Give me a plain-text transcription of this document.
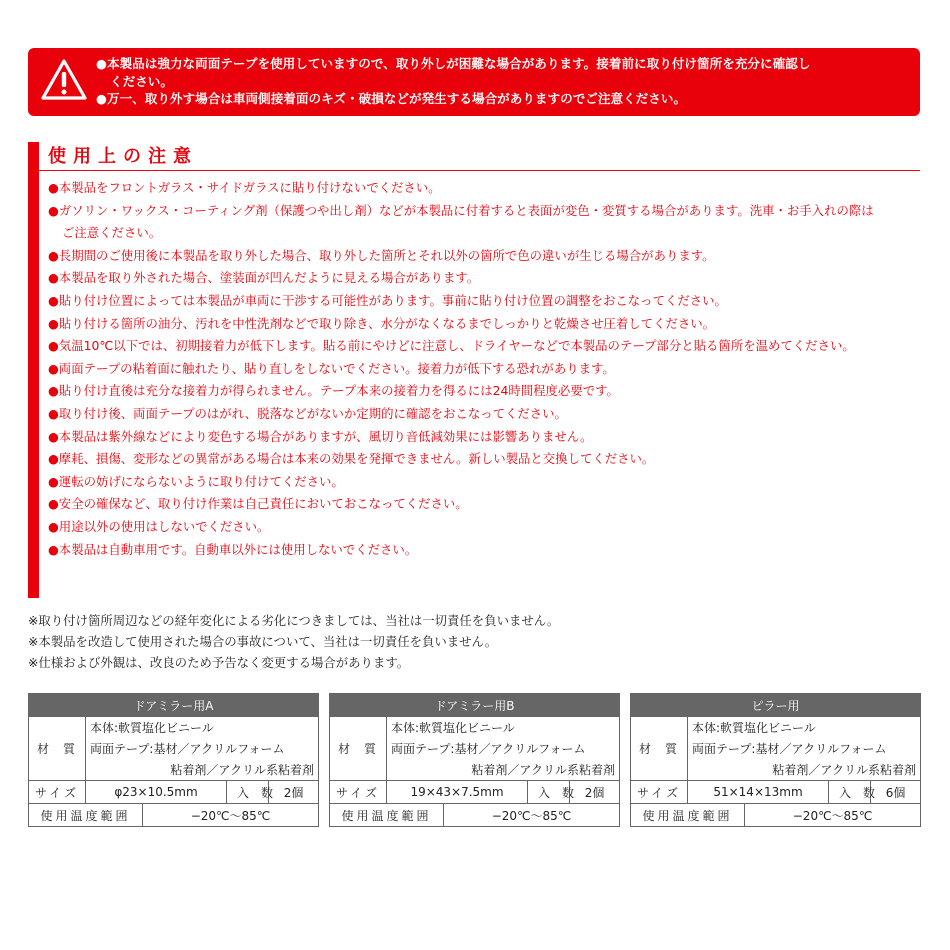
●本製品は強力な両面テープを使用していますので、取り外しが困難な場合があります。接着前に取り付け箇所を充分に確認し
ください。
●万一、取り外す場合は車両側接着面のキズ・破損などが発生する場合がありますのでご注意ください。
使用上の注意
●本製品をフロントガラス・サイドガラスに貼り付けないでください。
●ガソリン・ワックス・コーティング剤（保護つや出し剤）などが本製品に付着すると表面が変色・変質する場合があります。洗車・お手入れの際は
ご注意ください。
●長期間のご使用後に本製品を取り外した場合、取り外した箇所とそれ以外の箇所で色の違いが生じる場合があります。
●本製品を取り外された場合、塗装面が凹んだように見える場合があります。
●貼り付け位置によっては本製品が車両に干渉する可能性があります。事前に貼り付け位置の調整をおこなってください。
●貼り付ける箇所の油分、汚れを中性洗剤などで取り除き、水分がなくなるまでしっかりと乾燥させ圧着してください。
●気温10℃以下では、初期接着力が低下します。貼る前にやけどに注意し、ドライヤーなどで本製品のテープ部分と貼る箇所を温めてください。
●両面テープの粘着面に触れたり、貼り直しをしないでください。接着力が低下する恐れがあります。
●貼り付け直後は充分な接着力が得られません。テープ本来の接着力を得るには24時間程度必要です。
●取り付け後、両面テープのはがれ、脱落などがないか定期的に確認をおこなってください。
●本製品は紫外線などにより変色する場合がありますが、風切り音低減効果には影響ありません。
●摩耗、損傷、変形などの異常がある場合は本来の効果を発揮できません。新しい製品と交換してください。
●運転の妨げにならないように取り付けてください。
●安全の確保など、取り付け作業は自己責任においておこなってください。
●用途以外の使用はしないでください。
●本製品は自動車用です。自動車以外には使用しないでください。
※取り付け箇所周辺などの経年変化による劣化につきましては、当社は一切責任を負いません。
※本製品を改造して使用された場合の事故について、当社は一切責任を負いません。
※仕様および外観は、改良のため予告なく変更する場合があります。
ドアミラー用A				
材質	本体:軟質塩化ビニール			
	両面テープ:基材／アクリルフォーム			
	粘着剤／アクリル系粘着剤			
サイズ	φ23×10.5mm		入数	2個
使用温度範囲		−20℃〜85℃		
ドアミラー用B				
材質	本体:軟質塩化ビニール			
	両面テープ:基材／アクリルフォーム			
	粘着剤／アクリル系粘着剤			
サイズ	19×43×7.5mm		入数	2個
使用温度範囲		−20℃〜85℃		
ピラー用				
材質	本体:軟質塩化ビニール			
	両面テープ:基材／アクリルフォーム			
	粘着剤／アクリル系粘着剤			
サイズ	51×14×13mm		入数	6個
使用温度範囲		−20℃〜85℃		
